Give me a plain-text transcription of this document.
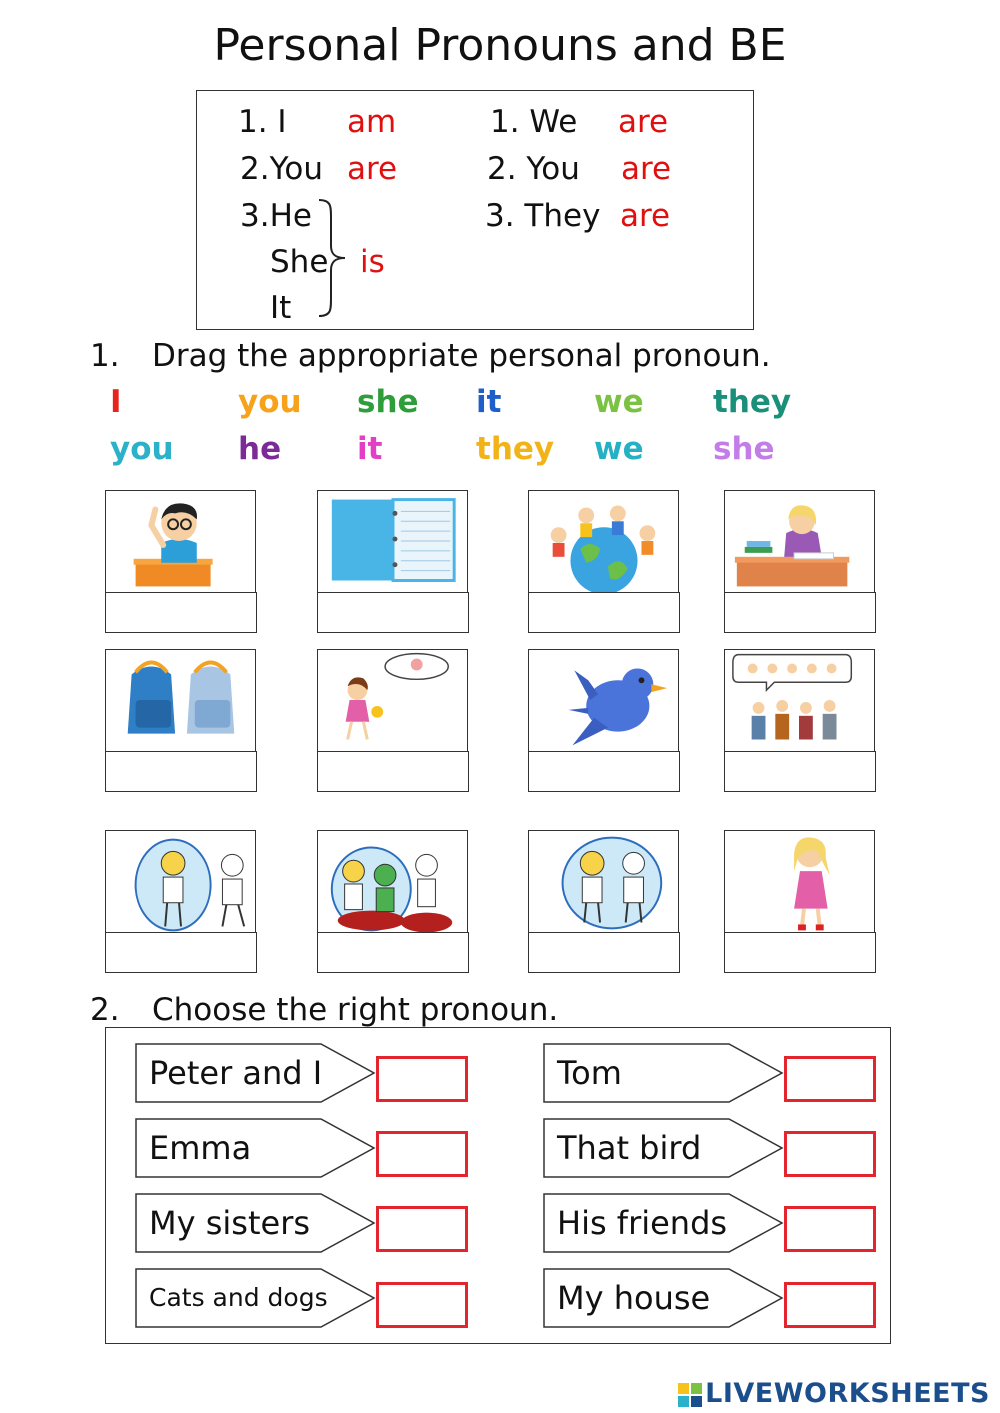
Personal Pronouns and BE
1. I am
2.You are
3.He
She is
It
1. We are
2. You are
3. They are
1. Drag the appropriate personal pronoun.
I	you she it	we they
you he it	they we she
2. Choose the right pronoun.
Peter and I
Emma
My sisters
Cats and dogs
Tom
That bird
His friends
My house
LIVEWORKSHEETS
